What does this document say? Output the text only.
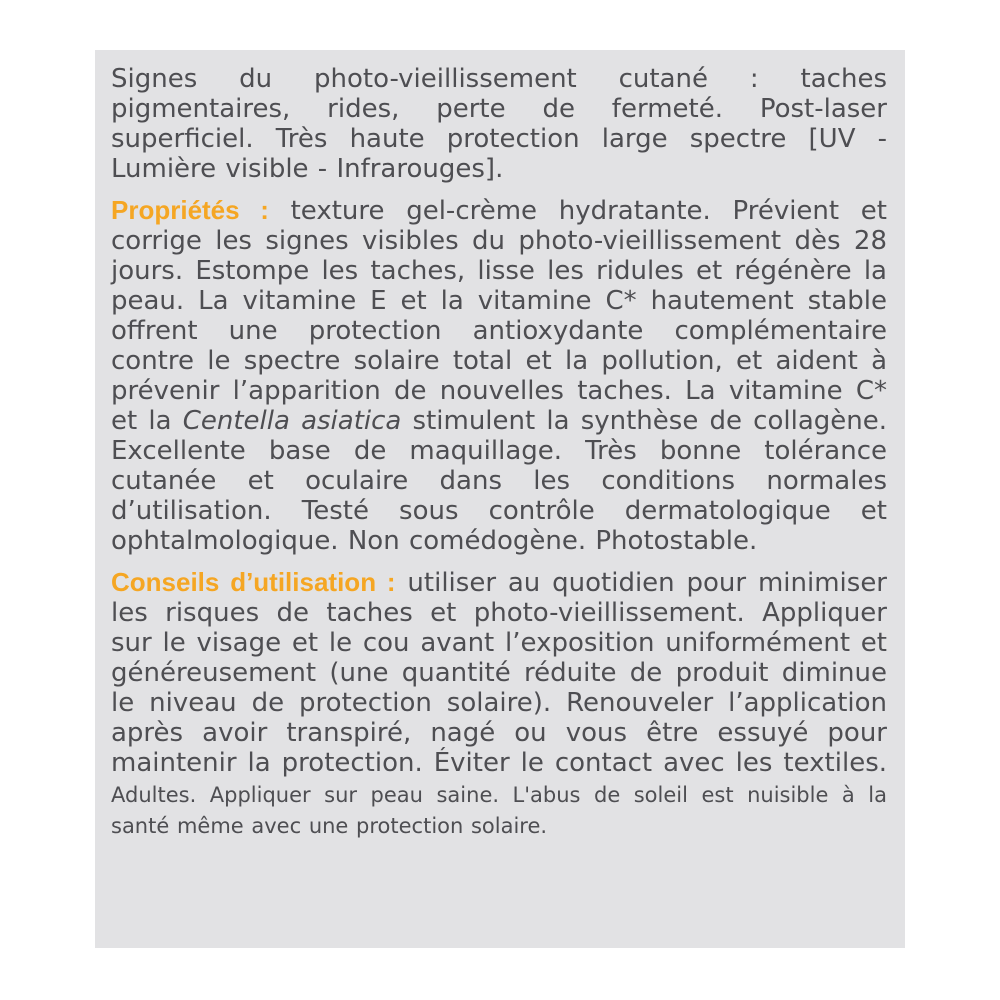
Signes du photo-vieillissement cutané : taches pigmentaires, rides, perte de fermeté. Post-laser superficiel. Très haute protection large spectre [UV - Lumière visible - Infrarouges].

Propriétés : texture gel-crème hydratante. Prévient et corrige les signes visibles du photo-vieillissement dès 28 jours. Estompe les taches, lisse les ridules et régénère la peau. La vitamine E et la vitamine C* hautement stable offrent une protection antioxydante complémentaire contre le spectre solaire total et la pollution, et aident à prévenir l’apparition de nouvelles taches. La vitamine C* et la Centella asiatica stimulent la synthèse de collagène. Excellente base de maquillage. Très bonne tolérance cutanée et oculaire dans les conditions normales d’utilisation. Testé sous contrôle dermatologique et ophtalmologique. Non comédogène. Photostable.

Conseils d’utilisation : utiliser au quotidien pour minimiser les risques de taches et photo-vieillissement. Appliquer sur le visage et le cou avant l’exposition uniformément et généreusement (une quantité réduite de produit diminue le niveau de protection solaire). Renouveler l’application après avoir transpiré, nagé ou vous être essuyé pour maintenir la protection. Éviter le contact avec les textiles. Adultes. Appliquer sur peau saine. L'abus de soleil est nuisible à la santé même avec une protection solaire.
